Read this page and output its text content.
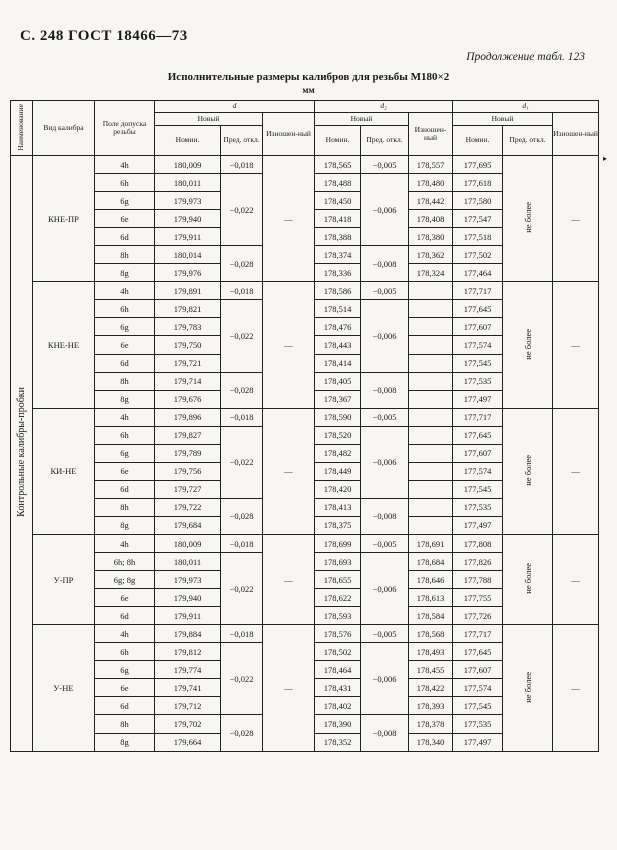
С. 248 ГОСТ 18466—73
Продолжение табл. 123
Исполнительные размеры калибров для резьбы М180×2
мм
▸
Наименование	Вид калибра	Поле допуска резьбы	d			d₂			d₁		
			Новый		Изношен-ный	Новый		Изношен-ный	Новый		Изношен-ный
			Номин.	Пред. откл.		Номин.	Пред. откл.		Номин.	Пред. откл.	
Контрольные калибры-пробки	КНЕ-ПР	4h	180,009	−0,018	—	178,565	−0,005	178,557	177,695	не более	—
		6h	180,011	−0,022		178,488	−0,006	178,480	177,618		
		6g	179,973			178,450		178,442	177,580		
		6e	179,940			178,418		178,408	177,547		
		6d	179,911			178,388		178,380	177,518		
		8h	180,014	−0,028		178,374	−0,008	178,362	177,502		
		8g	179,976			178,336		178,324	177,464		
	КНЕ-НЕ	4h	179,891	−0,018	—	178,586	−0,005		177,717	не более	—
		6h	179,821	−0,022		178,514	−0,006		177,645		
		6g	179,783			178,476			177,607		
		6e	179,750			178,443			177,574		
		6d	179,721			178,414			177,545		
		8h	179,714	−0,028		178,405	−0,008		177,535		
		8g	179,676			178,367			177,497		
	КИ-НЕ	4h	179,896	−0,018	—	178,590	−0,005		177,717	не более	—
		6h	179,827	−0,022		178,520	−0,006		177,645		
		6g	179,789			178,482			177,607		
		6e	179,756			178,449			177,574		
		6d	179,727			178,420			177,545		
		8h	179,722	−0,028		178,413	−0,008		177,535		
		8g	179,684			178,375			177,497		
	У-ПР	4h	180,009	−0,018	—	178,699	−0,005	178,691	177,808	не более	—
		6h; 8h	180,011	−0,022		178,693	−0,006	178,684	177,826		
		6g; 8g	179,973			178,655		178,646	177,788		
		6e	179,940			178,622		178,613	177,755		
		6d	179,911			178,593		178,584	177,726		
	У-НЕ	4h	179,884	−0,018	—	178,576	−0,005	178,568	177,717	не более	—
		6h	179,812	−0,022		178,502	−0,006	178,493	177,645		
		6g	179,774			178,464		178,455	177,607		
		6e	179,741			178,431		178,422	177,574		
		6d	179,712			178,402		178,393	177,545		
		8h	179,702	−0,028		178,390	−0,008	178,378	177,535		
		8g	179,664			178,352		178,340	177,497		
